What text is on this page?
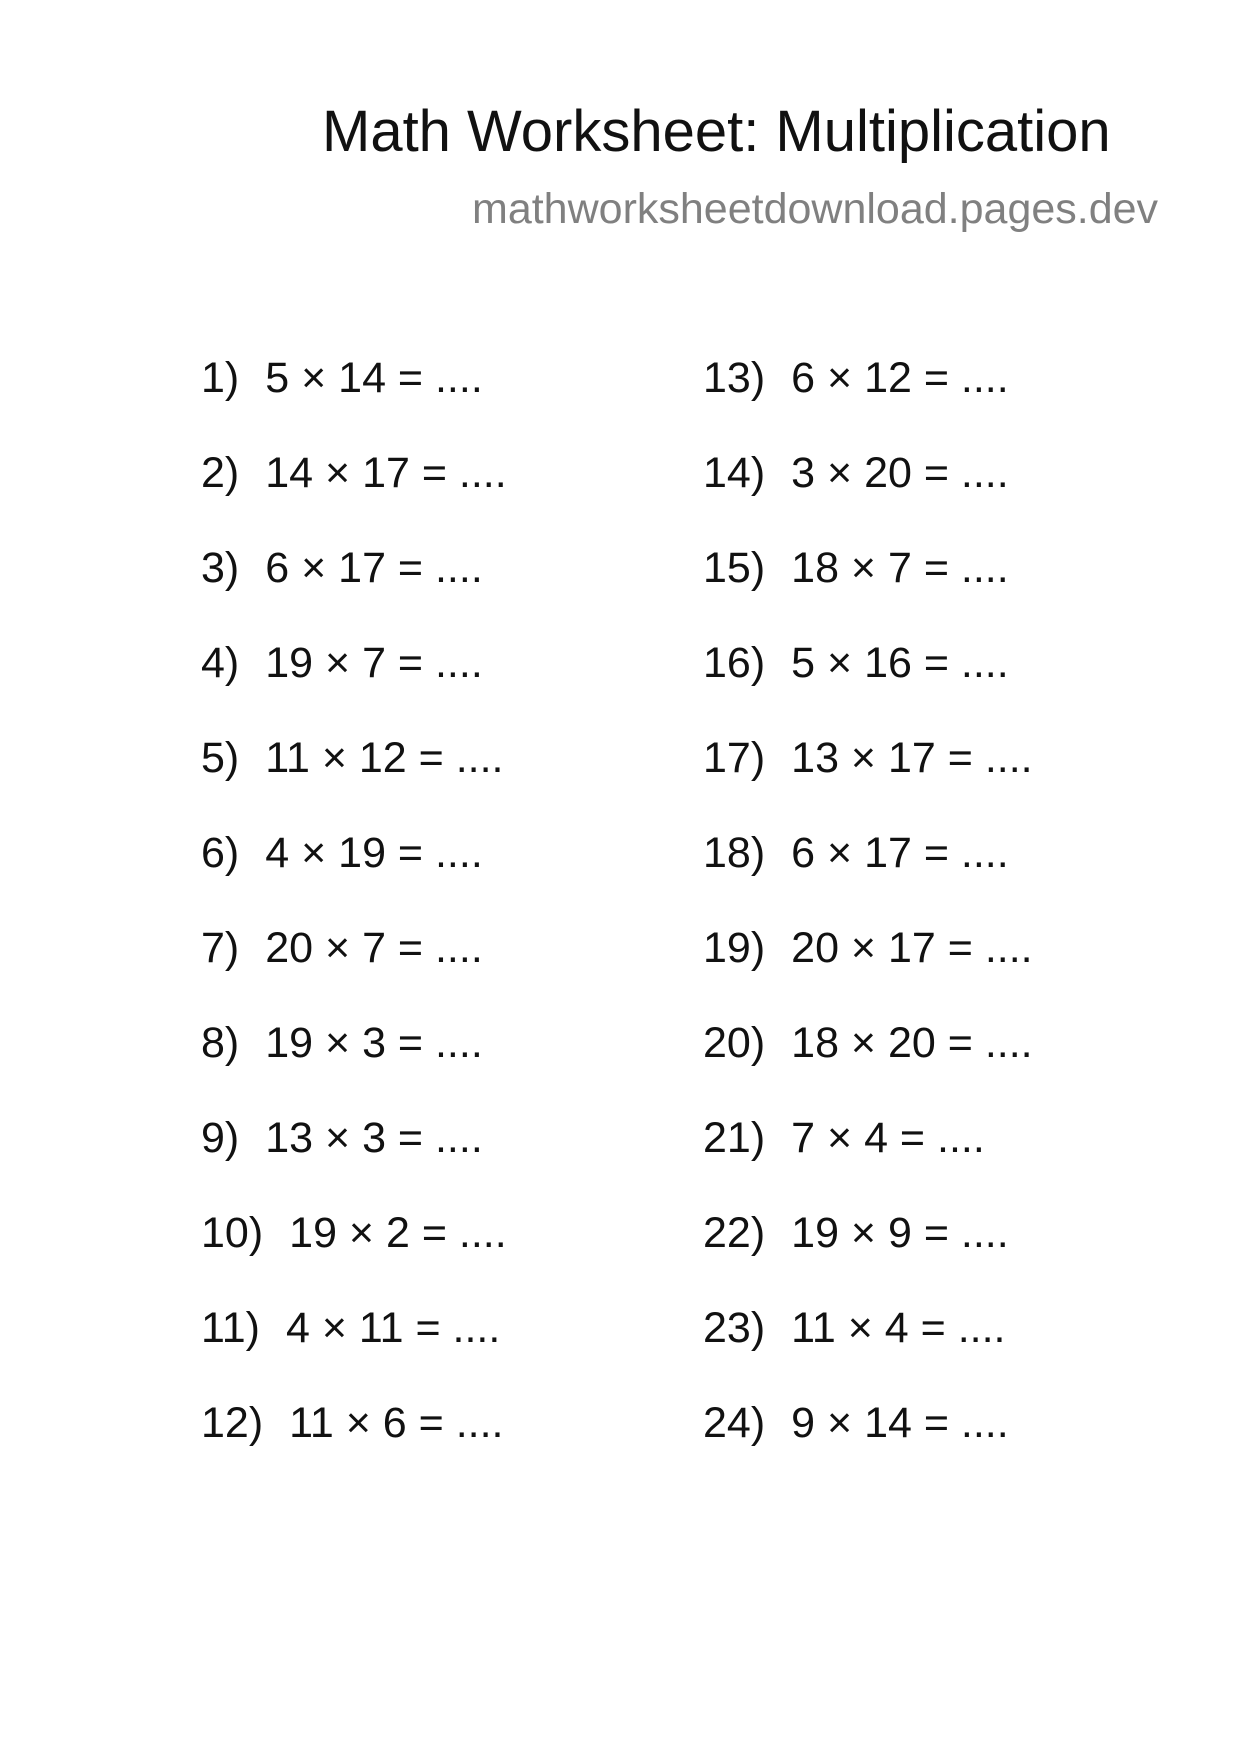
Math Worksheet: Multiplication
mathworksheetdownload.pages.dev
1) 5 × 14 = ....
2) 14 × 17 = ....
3) 6 × 17 = ....
4) 19 × 7 = ....
5) 11 × 12 = ....
6) 4 × 19 = ....
7) 20 × 7 = ....
8) 19 × 3 = ....
9) 13 × 3 = ....
10) 19 × 2 = ....
11) 4 × 11 = ....
12) 11 × 6 = ....
13) 6 × 12 = ....
14) 3 × 20 = ....
15) 18 × 7 = ....
16) 5 × 16 = ....
17) 13 × 17 = ....
18) 6 × 17 = ....
19) 20 × 17 = ....
20) 18 × 20 = ....
21) 7 × 4 = ....
22) 19 × 9 = ....
23) 11 × 4 = ....
24) 9 × 14 = ....
